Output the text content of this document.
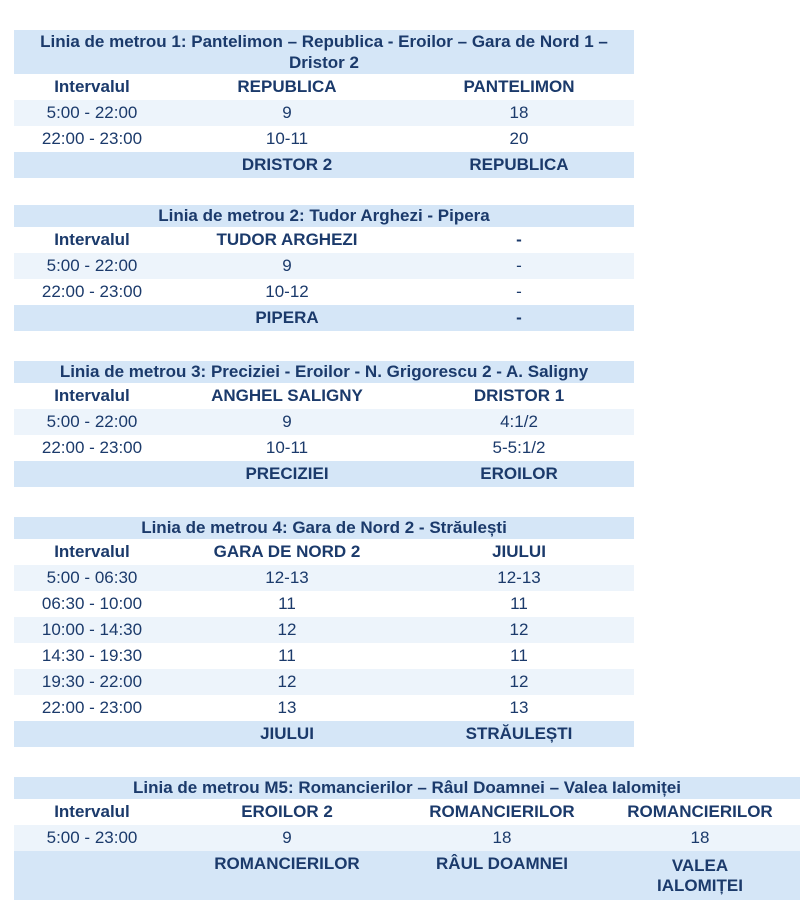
Linia de metrou 1: Pantelimon – Republica - Eroilor – Gara de Nord 1 – Dristor 2		
Intervalul	REPUBLICA	PANTELIMON
5:00 - 22:00	9	18
22:00 - 23:00	10-11	20
	DRISTOR 2	REPUBLICA
Linia de metrou 2: Tudor Arghezi - Pipera		
Intervalul	TUDOR ARGHEZI	-
5:00 - 22:00	9	-
22:00 - 23:00	10-12	-
	PIPERA	-
Linia de metrou 3: Preciziei - Eroilor - N. Grigorescu 2 - A. Saligny		
Intervalul	ANGHEL SALIGNY	DRISTOR 1
5:00 - 22:00	9	4:1/2
22:00 - 23:00	10-11	5-5:1/2
	PRECIZIEI	EROILOR
Linia de metrou 4: Gara de Nord 2 - Străulești		
Intervalul	GARA DE NORD 2	JIULUI
5:00 - 06:30	12-13	12-13
06:30 - 10:00	11	11
10:00 - 14:30	12	12
14:30 - 19:30	11	11
19:30 - 22:00	12	12
22:00 - 23:00	13	13
	JIULUI	STRĂULEȘTI
Linia de metrou M5: Romancierilor – Râul Doamnei – Valea Ialomiței			
Intervalul	EROILOR 2	ROMANCIERILOR	ROMANCIERILOR
5:00 - 23:00	9	18	18
	ROMANCIERILOR	RÂUL DOAMNEI	VALEA IALOMIȚEI
